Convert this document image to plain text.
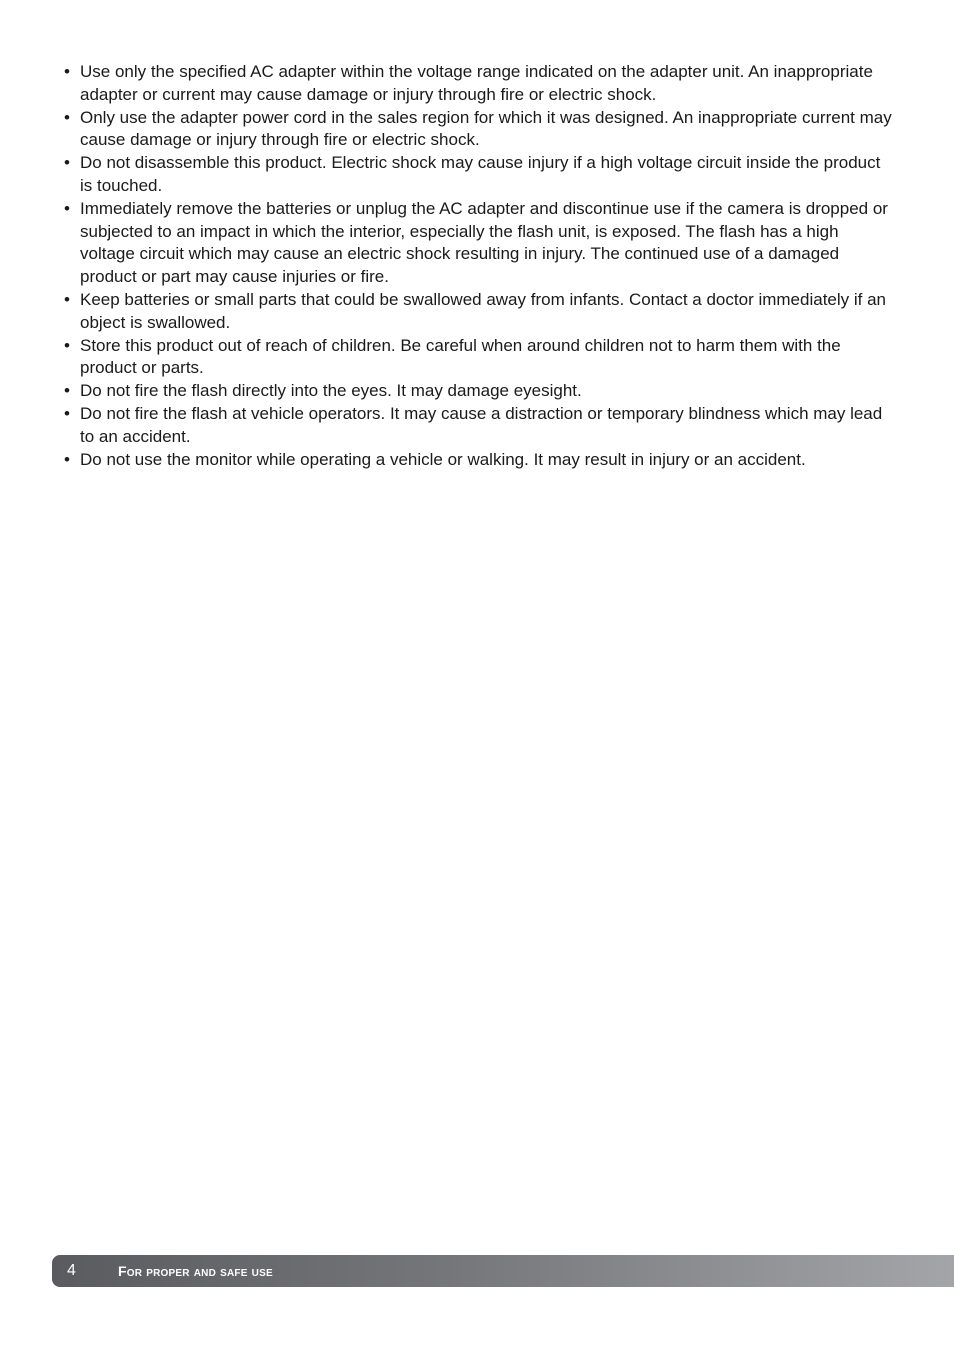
• Use only the specified AC adapter within the voltage range indicated on the adapter unit. An inappropriate adapter or current may cause damage or injury through fire or electric shock.
• Only use the adapter power cord in the sales region for which it was designed. An inappropriate current may cause damage or injury through fire or electric shock.
• Do not disassemble this product. Electric shock may cause injury if a high voltage circuit inside the product is touched.
• Immediately remove the batteries or unplug the AC adapter and discontinue use if the camera is dropped or subjected to an impact in which the interior, especially the flash unit, is exposed. The flash has a high voltage circuit which may cause an electric shock resulting in injury. The continued use of a damaged product or part may cause injuries or fire.
• Keep batteries or small parts that could be swallowed away from infants. Contact a doctor immediately if an object is swallowed.
• Store this product out of reach of children. Be careful when around children not to harm them with the product or parts.
• Do not fire the flash directly into the eyes. It may damage eyesight.
• Do not fire the flash at vehicle operators. It may cause a distraction or temporary blindness which may lead to an accident.
• Do not use the monitor while operating a vehicle or walking. It may result in injury or an accident.
4	For proper and safe use
